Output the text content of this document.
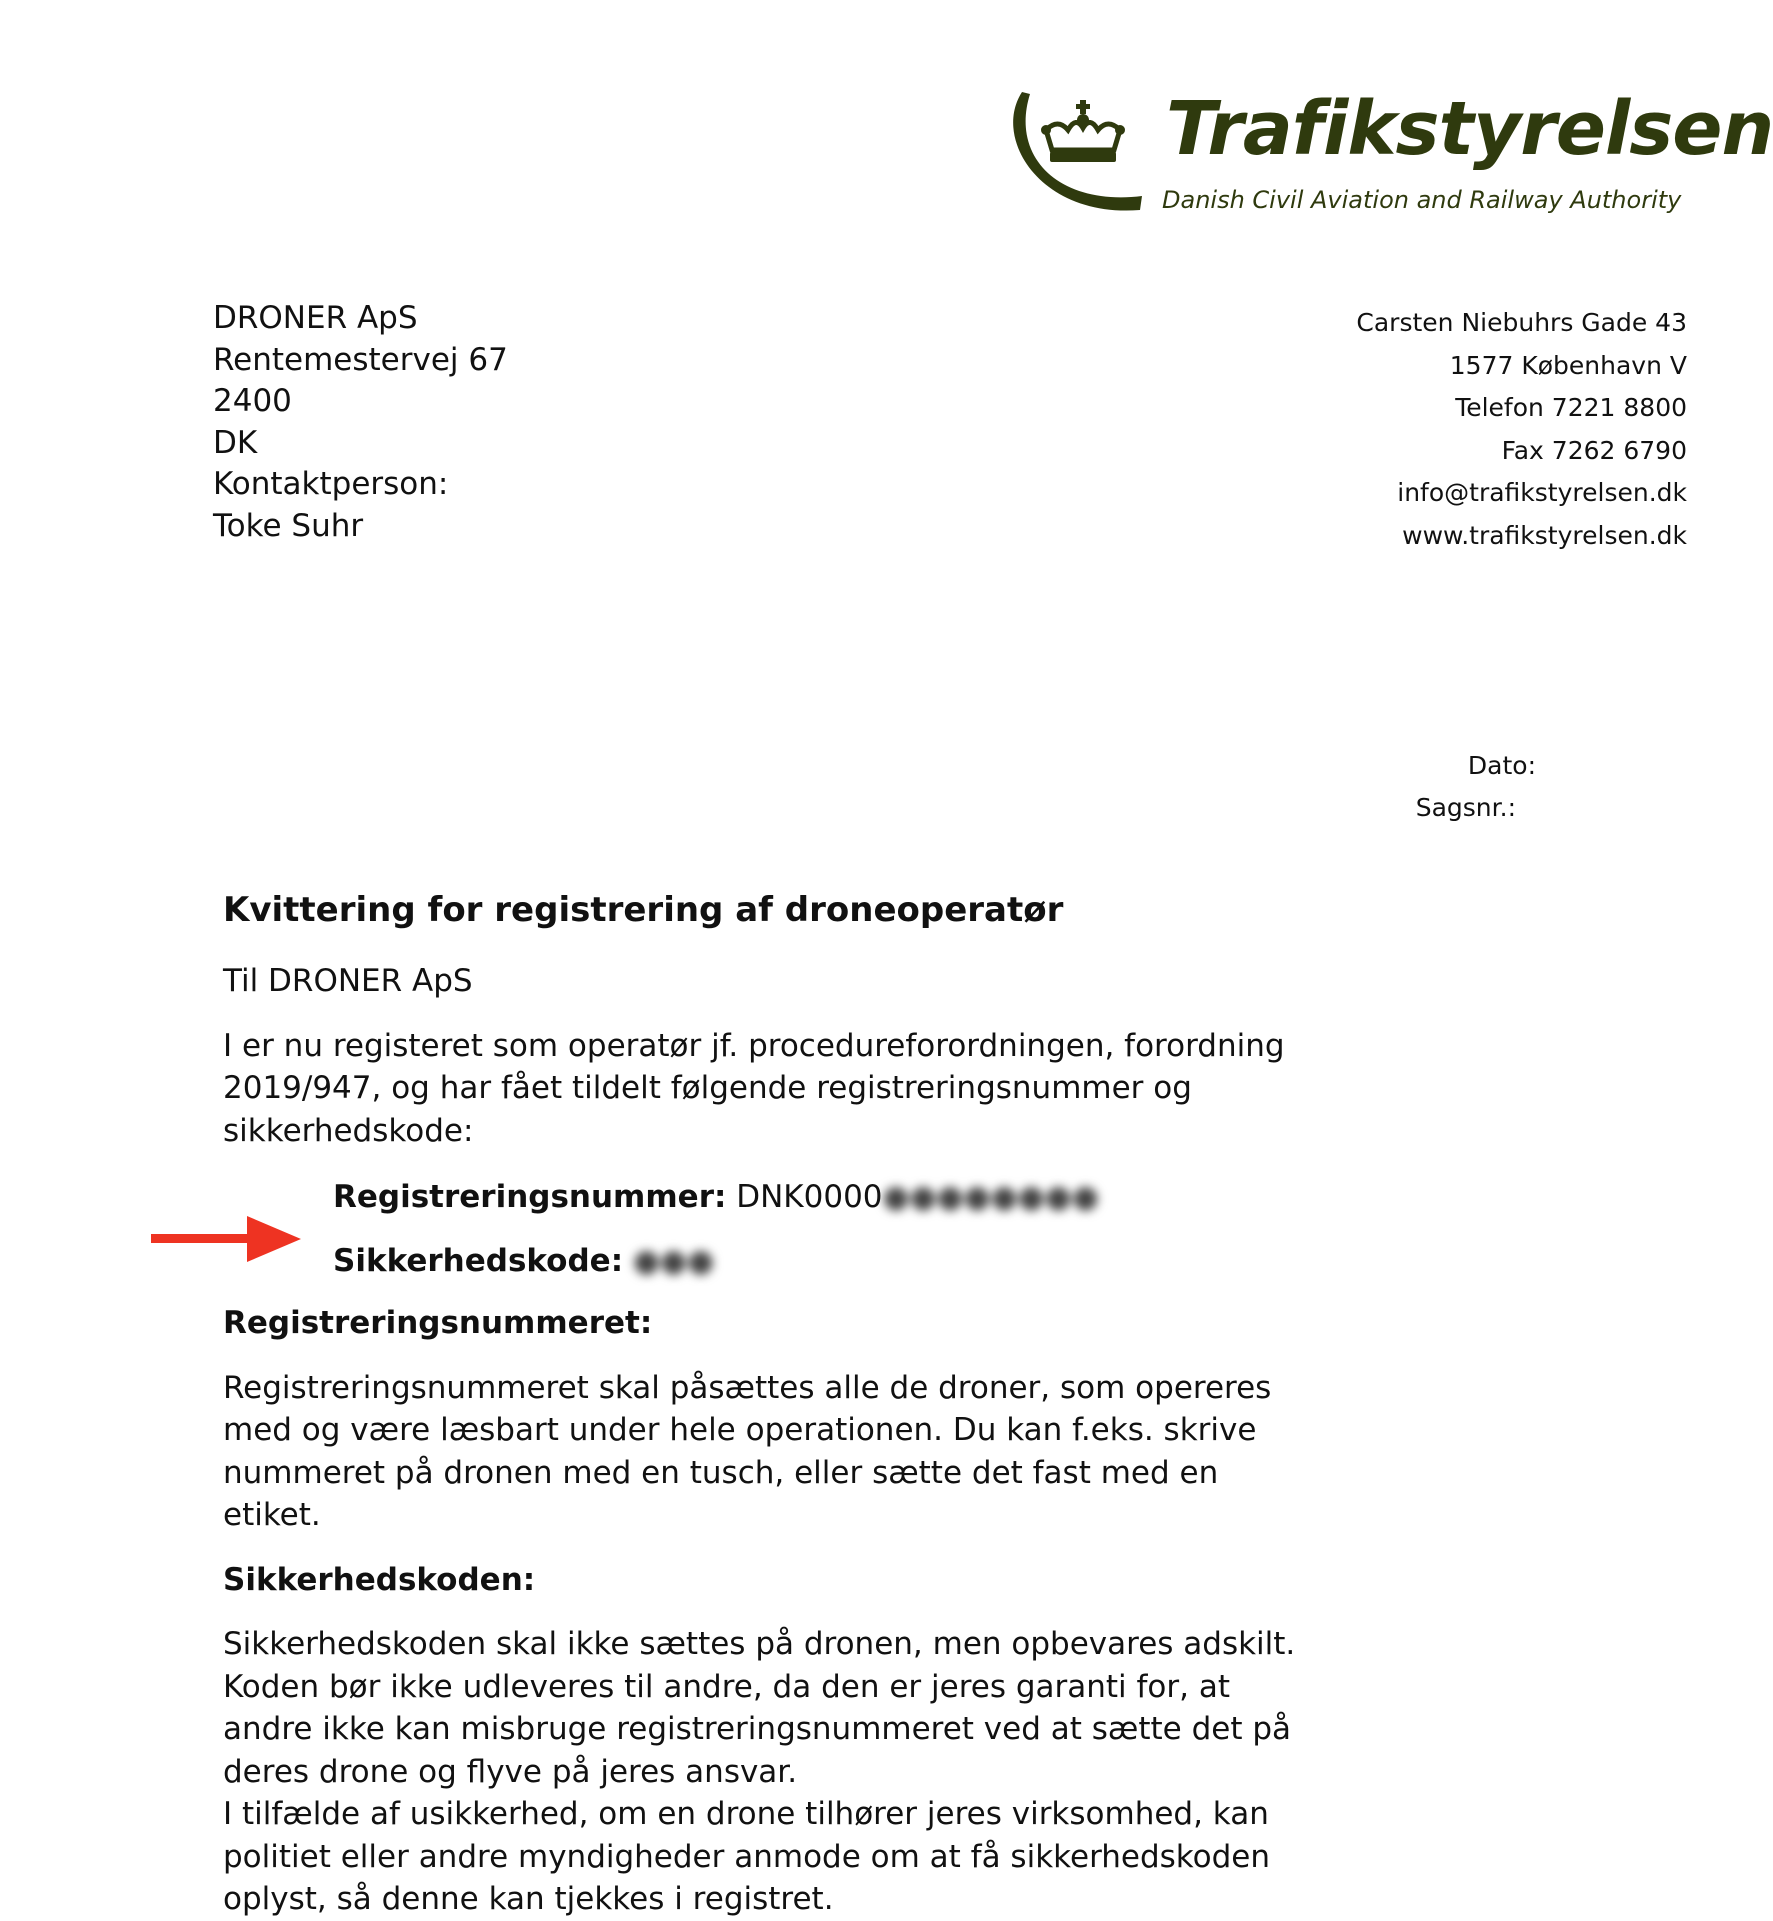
Trafikstyrelsen
Danish Civil Aviation and Railway Authority
DRONER ApS
Rentemestervej 67
2400
DK
Kontaktperson:
Toke Suhr
Carsten Niebuhrs Gade 43
1577 København V
Telefon 7221 8800
Fax 7262 6790
info@trafikstyrelsen.dk
www.trafikstyrelsen.dk
Dato:
Sagsnr.:
Kvittering for registrering af droneoperatør

Til DRONER ApS

I er nu registeret som operatør jf. procedureforordningen, forordning 2019/947, og har fået tildelt følgende registreringsnummer og sikkerhedskode:

Registreringsnummer: DNK0000●●●●●●●●
Sikkerhedskode: ●●●
Registreringsnummeret:

Registreringsnummeret skal påsættes alle de droner, som opereres med og være læsbart under hele operationen. Du kan f.eks. skrive nummeret på dronen med en tusch, eller sætte det fast med en etiket.

Sikkerhedskoden:

Sikkerhedskoden skal ikke sættes på dronen, men opbevares adskilt. Koden bør ikke udleveres til andre, da den er jeres garanti for, at andre ikke kan misbruge registreringsnummeret ved at sætte det på deres drone og flyve på jeres ansvar.

I tilfælde af usikkerhed, om en drone tilhører jeres virksomhed, kan politiet eller andre myndigheder anmode om at få sikkerhedskoden oplyst, så denne kan tjekkes i registret.
